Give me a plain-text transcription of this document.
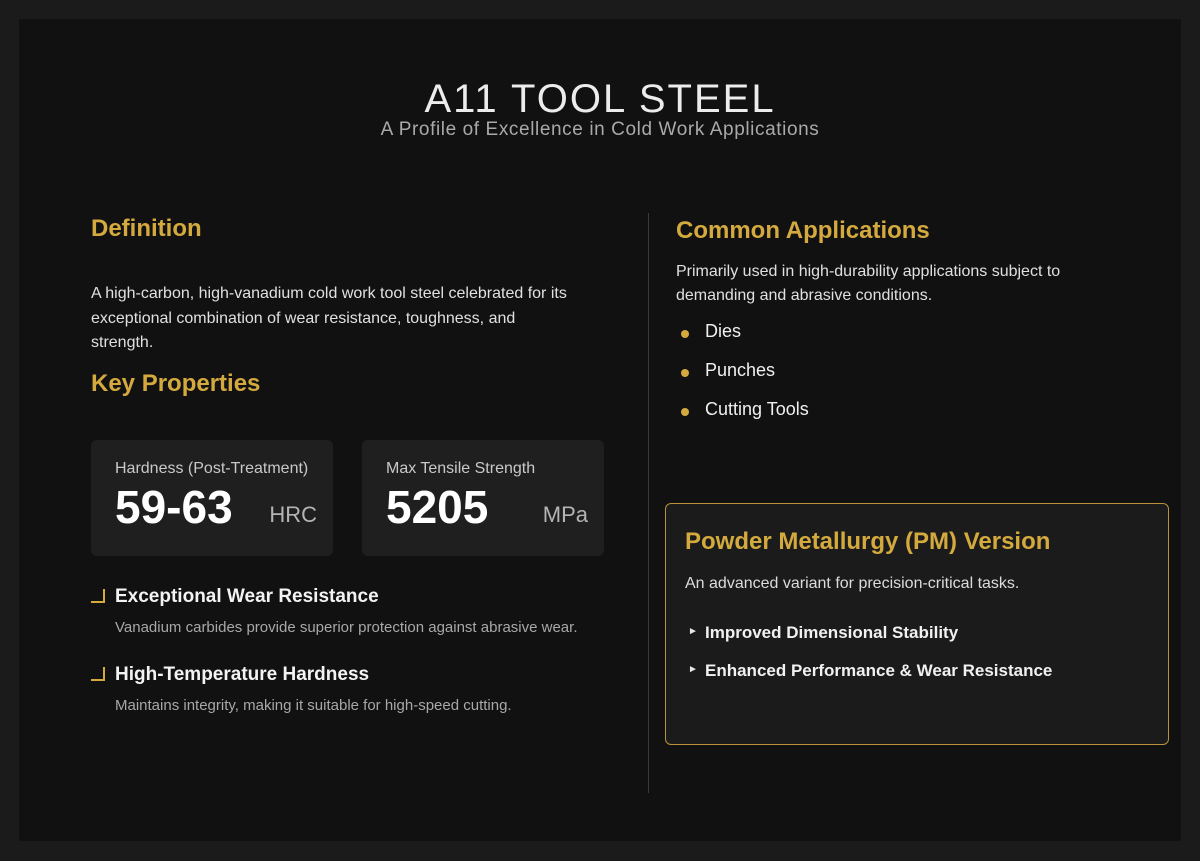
A11 TOOL STEEL

A Profile of Excellence in Cold Work Applications

Definition

A high-carbon, high-vanadium cold work tool steel celebrated for its exceptional combination of wear resistance, toughness, and strength.

Key Properties
Hardness (Post-Treatment)
59-63 HRC
Max Tensile Strength
5205 MPa
Exceptional Wear Resistance
Vanadium carbides provide superior protection against abrasive wear.
High-Temperature Hardness
Maintains integrity, making it suitable for high-speed cutting.
Common Applications

Primarily used in high-durability applications subject to demanding and abrasive conditions.

Dies
Punches
Cutting Tools
Powder Metallurgy (PM) Version

An advanced variant for precision-critical tasks.

► Improved Dimensional Stability
► Enhanced Performance & Wear Resistance
